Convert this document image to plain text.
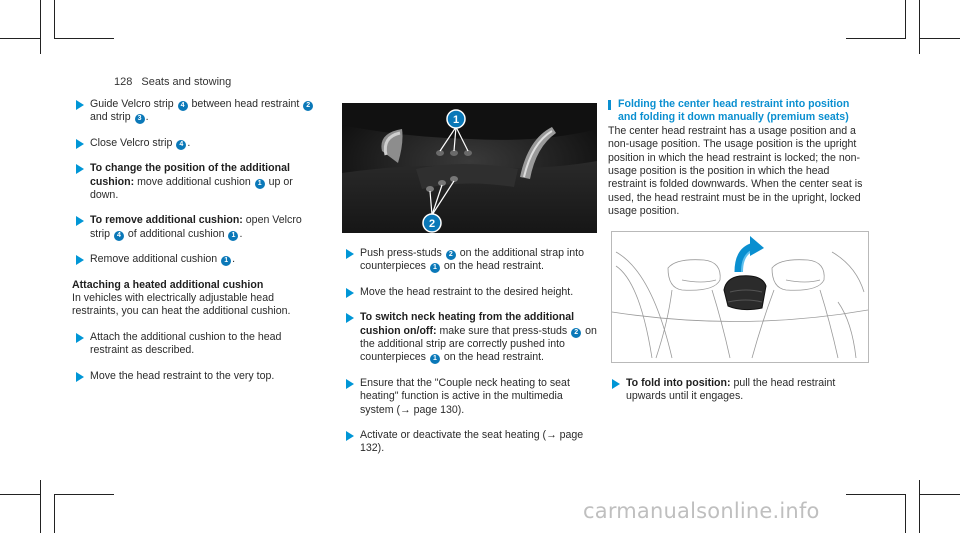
128 Seats and stowing
Guide Velcro strip 4 between head restraint 2 and strip 3 .
Close Velcro strip 4 .
To change the position of the additional cushion: move additional cushion 1 up or down.
To remove additional cushion: open Velcro strip 4 of additional cushion 1 .
Remove additional cushion 1 .
Attaching a heated additional cushion
In vehicles with electrically adjustable head restraints, you can heat the additional cushion.
Attach the additional cushion to the head restraint as described.
Move the head restraint to the very top.
1
2
Push press-studs 2 on the additional strap into counterpieces 1 on the head restraint.
Move the head restraint to the desired height.
To switch neck heating from the additional cushion on/off: make sure that press-studs 2 on the additional strip are correctly pushed into counterpieces 1 on the head restraint.
Ensure that the "Couple neck heating to seat heating" function is active in the multimedia system (→ page 130).
Activate or deactivate the seat heating (→ page 132).
Folding the center head restraint into position and folding it down manually (premium seats)
The center head restraint has a usage position and a non-usage position. The usage position is the upright position in which the head restraint is locked; the non-usage position is the position in which the head restraint is folded downwards. When the center seat is used, the head restraint must be in the upright, locked usage position.
To fold into position: pull the head restraint upwards until it engages.
carmanualsonline.info
